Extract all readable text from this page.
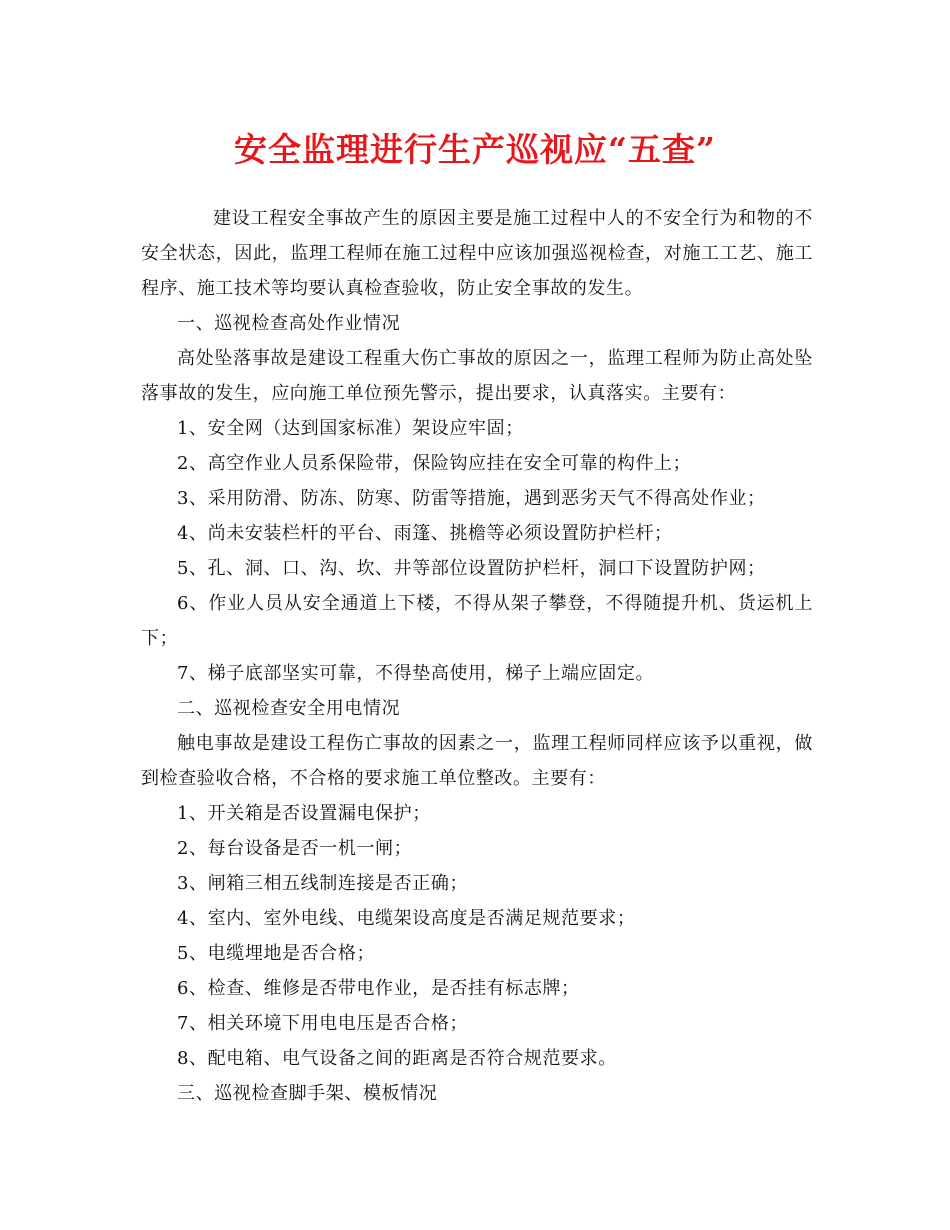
安全监理进行生产巡视应“五查”

建设工程安全事故产生的原因主要是施工过程中人的不安全行为和物的不安全状态，因此，监理工程师在施工过程中应该加强巡视检查，对施工工艺、施工程序、施工技术等均要认真检查验收，防止安全事故的发生。

一、巡视检查高处作业情况

高处坠落事故是建设工程重大伤亡事故的原因之一，监理工程师为防止高处坠落事故的发生，应向施工单位预先警示，提出要求，认真落实。主要有：

1、安全网（达到国家标准）架设应牢固；

2、高空作业人员系保险带，保险钩应挂在安全可靠的构件上；

3、采用防滑、防冻、防寒、防雷等措施，遇到恶劣天气不得高处作业；

4、尚未安装栏杆的平台、雨篷、挑檐等必须设置防护栏杆；

5、孔、洞、口、沟、坎、井等部位设置防护栏杆，洞口下设置防护网；

6、作业人员从安全通道上下楼，不得从架子攀登，不得随提升机、货运机上下；

7、梯子底部坚实可靠，不得垫高使用，梯子上端应固定。

二、巡视检查安全用电情况

触电事故是建设工程伤亡事故的因素之一，监理工程师同样应该予以重视，做到检查验收合格，不合格的要求施工单位整改。主要有：

1、开关箱是否设置漏电保护；

2、每台设备是否一机一闸；

3、闸箱三相五线制连接是否正确；

4、室内、室外电线、电缆架设高度是否满足规范要求；

5、电缆埋地是否合格；

6、检查、维修是否带电作业，是否挂有标志牌；

7、相关环境下用电电压是否合格；

8、配电箱、电气设备之间的距离是否符合规范要求。

三、巡视检查脚手架、模板情况
